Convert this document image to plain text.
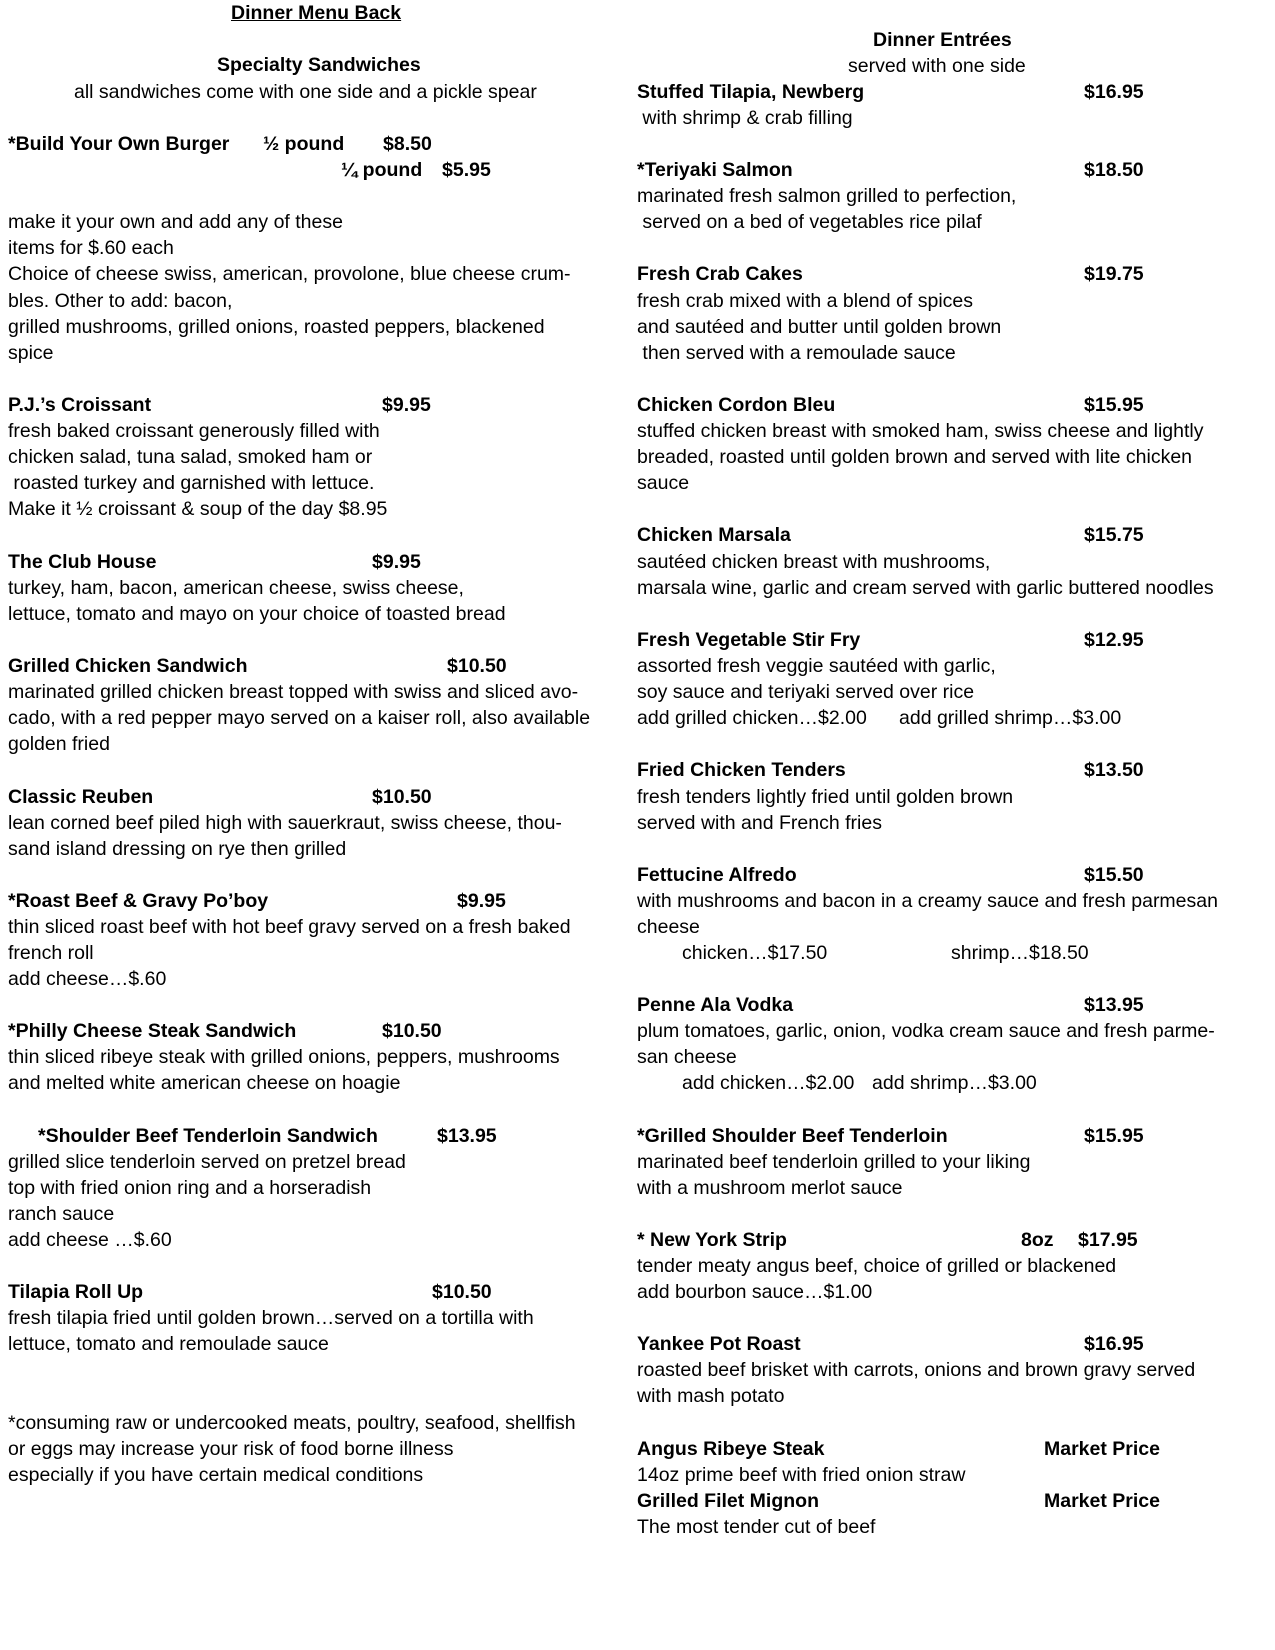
Dinner Menu Back
Specialty Sandwiches
all sandwiches come with one side and a pickle spear
*Build Your Own Burger ½ pound $8.50
¼ pound $5.95
make it your own and add any of these
items for $.60 each
Choice of cheese swiss, american, provolone, blue cheese crum-
bles. Other to add: bacon,
grilled mushrooms, grilled onions, roasted peppers, blackened
spice
P.J.’s Croissant	$9.95
fresh baked croissant generously filled with
chicken salad, tuna salad, smoked ham or
roasted turkey and garnished with lettuce.
Make it ½ croissant & soup of the day $8.95
The Club House	$9.95
turkey, ham, bacon, american cheese, swiss cheese,
lettuce, tomato and mayo on your choice of toasted bread
Grilled Chicken Sandwich	$10.50
marinated grilled chicken breast topped with swiss and sliced avo-
cado, with a red pepper mayo served on a kaiser roll, also available
golden fried
Classic Reuben	$10.50
lean corned beef piled high with sauerkraut, swiss cheese, thou-
sand island dressing on rye then grilled
*Roast Beef & Gravy Po’boy	$9.95
thin sliced roast beef with hot beef gravy served on a fresh baked
french roll
add cheese…$.60
*Philly Cheese Steak Sandwich	$10.50
thin sliced ribeye steak with grilled onions, peppers, mushrooms
and melted white american cheese on hoagie
*Shoulder Beef Tenderloin Sandwich	$13.95
grilled slice tenderloin served on pretzel bread
top with fried onion ring and a horseradish
ranch sauce
add cheese …$.60
Tilapia Roll Up	$10.50
fresh tilapia fried until golden brown…served on a tortilla with
lettuce, tomato and remoulade sauce
*consuming raw or undercooked meats, poultry, seafood, shellfish
or eggs may increase your risk of food borne illness
especially if you have certain medical conditions
Dinner Entrées
served with one side
Stuffed Tilapia, Newberg	$16.95
with shrimp & crab filling
*Teriyaki Salmon	$18.50
marinated fresh salmon grilled to perfection,
served on a bed of vegetables rice pilaf
Fresh Crab Cakes	$19.75
fresh crab mixed with a blend of spices
and sautéed and butter until golden brown
then served with a remoulade sauce
Chicken Cordon Bleu	$15.95
stuffed chicken breast with smoked ham, swiss cheese and lightly
breaded, roasted until golden brown and served with lite chicken
sauce
Chicken Marsala	$15.75
sautéed chicken breast with mushrooms,
marsala wine, garlic and cream served with garlic buttered noodles
Fresh Vegetable Stir Fry	$12.95
assorted fresh veggie sautéed with garlic,
soy sauce and teriyaki served over rice
add grilled chicken…$2.00 add grilled shrimp…$3.00
Fried Chicken Tenders	$13.50
fresh tenders lightly fried until golden brown
served with and French fries
Fettucine Alfredo	$15.50
with mushrooms and bacon in a creamy sauce and fresh parmesan
cheese
chicken…$17.50	shrimp…$18.50
Penne Ala Vodka	$13.95
plum tomatoes, garlic, onion, vodka cream sauce and fresh parme-
san cheese
add chicken…$2.00 add shrimp…$3.00
*Grilled Shoulder Beef Tenderloin	$15.95
marinated beef tenderloin grilled to your liking
with a mushroom merlot sauce
* New York Strip	8oz $17.95
tender meaty angus beef, choice of grilled or blackened
add bourbon sauce…$1.00
Yankee Pot Roast	$16.95
roasted beef brisket with carrots, onions and brown gravy served
with mash potato
Angus Ribeye Steak	Market Price
14oz prime beef with fried onion straw
Grilled Filet Mignon	Market Price
The most tender cut of beef
